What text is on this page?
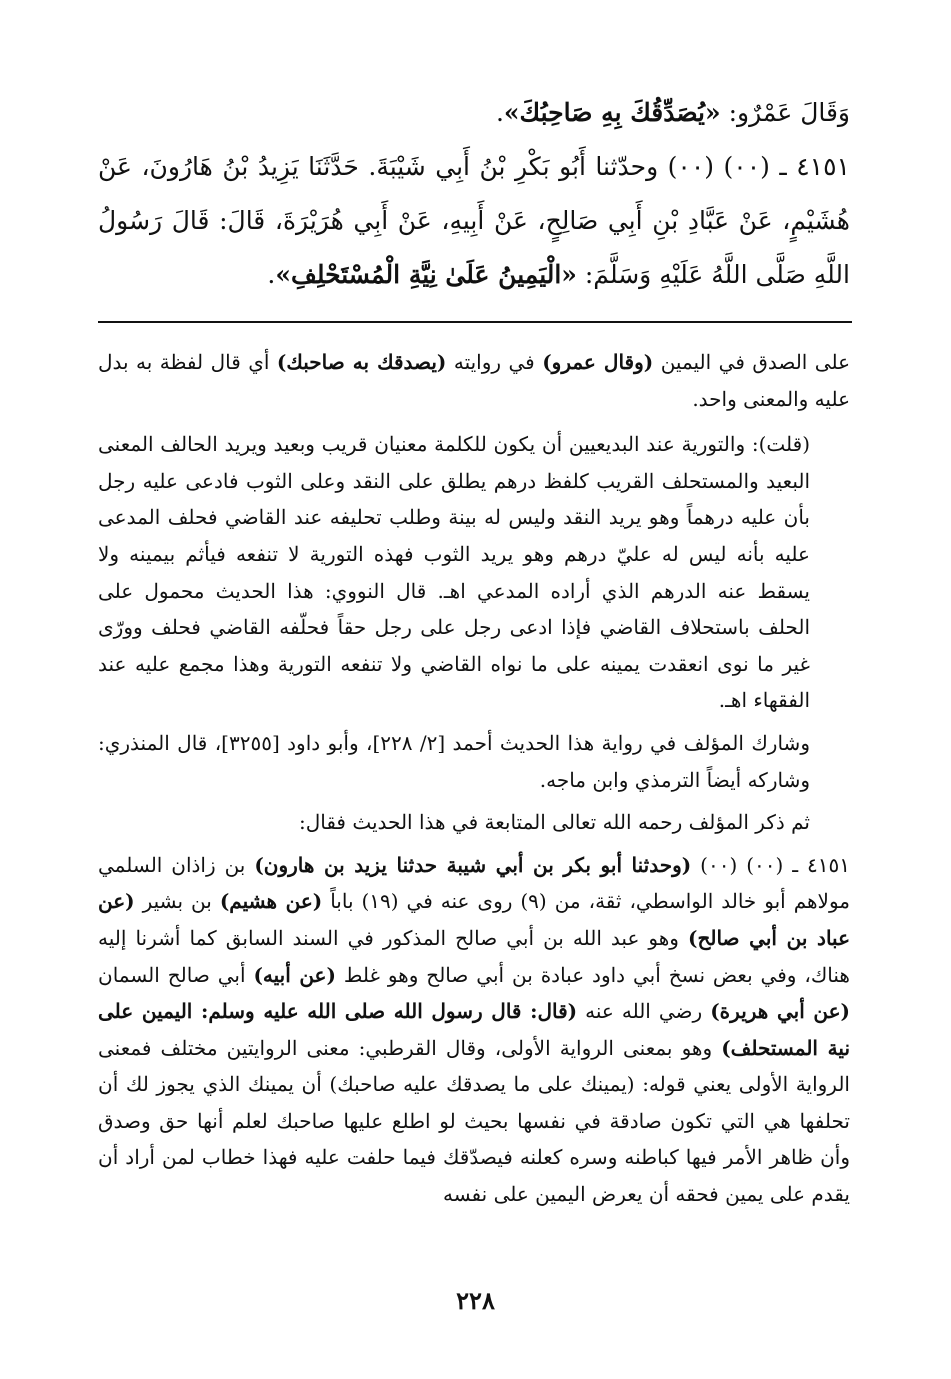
وَقَالَ عَمْرٌو: «يُصَدِّقُكَ بِهِ صَاحِبُكَ».

٤١٥١ ـ (٠٠) (٠٠) وحدّثنا أَبُو بَكْرِ بْنُ أَبِي شَيْبَةَ. حَدَّثَنَا يَزِيدُ بْنُ هَارُونَ، عَنْ هُشَيْمٍ، عَنْ عَبَّادِ بْنِ أَبِي صَالِحٍ، عَنْ أَبِيهِ، عَنْ أَبِي هُرَيْرَةَ، قَالَ: قَالَ رَسُولُ اللَّهِ صَلَّى اللَّهُ عَلَيْهِ وَسَلَّمَ: «الْيَمِينُ عَلَىٰ نِيَّةِ الْمُسْتَحْلِفِ».

على الصدق في اليمين (وقال عمرو) في روايته (يصدقك به صاحبك) أي قال لفظة به بدل عليه والمعنى واحد.

(قلت): والتورية عند البديعيين أن يكون للكلمة معنيان قريب وبعيد ويريد الحالف المعنى البعيد والمستحلف القريب كلفظ درهم يطلق على النقد وعلى الثوب فادعى عليه رجل بأن عليه درهماً وهو يريد النقد وليس له بينة وطلب تحليفه عند القاضي فحلف المدعى عليه بأنه ليس له عليّ درهم وهو يريد الثوب فهذه التورية لا تنفعه فيأثم بيمينه ولا يسقط عنه الدرهم الذي أراده المدعي اهـ. قال النووي: هذا الحديث محمول على الحلف باستحلاف القاضي فإذا ادعى رجل على رجل حقاً فحلّفه القاضي فحلف وورّى غير ما نوى انعقدت يمينه على ما نواه القاضي ولا تنفعه التورية وهذا مجمع عليه عند الفقهاء اهـ.

وشارك المؤلف في رواية هذا الحديث أحمد [٢/ ٢٢٨]، وأبو داود [٣٢٥٥]، قال المنذري: وشاركه أيضاً الترمذي وابن ماجه.

ثم ذكر المؤلف رحمه الله تعالى المتابعة في هذا الحديث فقال:

٤١٥١ ـ (٠٠) (٠٠) (وحدثنا أبو بكر بن أبي شيبة حدثنا يزيد بن هارون) بن زاذان السلمي مولاهم أبو خالد الواسطي، ثقة، من (٩) روى عنه في (١٩) باباً (عن هشيم) بن بشير (عن عباد بن أبي صالح) وهو عبد الله بن أبي صالح المذكور في السند السابق كما أشرنا إليه هناك، وفي بعض نسخ أبي داود عبادة بن أبي صالح وهو غلط (عن أبيه) أبي صالح السمان (عن أبي هريرة) رضي الله عنه (قال: قال رسول الله صلى الله عليه وسلم: اليمين على نية المستحلف) وهو بمعنى الرواية الأولى، وقال القرطبي: معنى الروايتين مختلف فمعنى الرواية الأولى يعني قوله: (يمينك على ما يصدقك عليه صاحبك) أن يمينك الذي يجوز لك أن تحلفها هي التي تكون صادقة في نفسها بحيث لو اطلع عليها صاحبك لعلم أنها حق وصدق وأن ظاهر الأمر فيها كباطنه وسره كعلنه فيصدّقك فيما حلفت عليه فهذا خطاب لمن أراد أن يقدم على يمين فحقه أن يعرض اليمين على نفسه

٢٢٨
